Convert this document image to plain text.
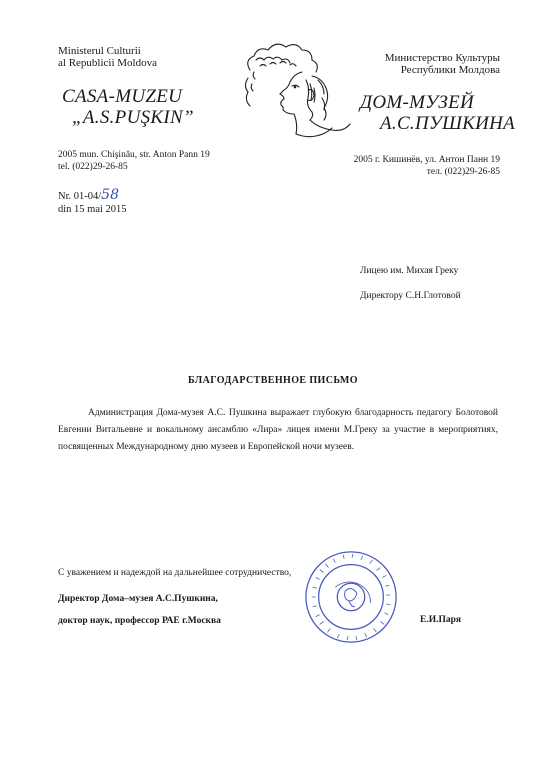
Ministerul Culturii
al Republicii Moldova
CASA-MUZEU
„A.S.PUŞKIN”
2005 mun. Chişinău, str. Anton Pann 19
tel. (022)29-26-85
Министерство Культуры
Республики Молдова
ДОМ-МУЗЕЙ
А.С.ПУШКИНА
2005 г. Кишинёв, ул. Антон Панн 19
тел. (022)29-26-85
Nr. 01-04/58
din 15 mai 2015
Лицею им. Михая Греку
Директору С.Н.Глотовой
БЛАГОДАРСТВЕННОЕ ПИСЬМО
Администрация Дома-музея А.С. Пушкина выражает глубокую благодарность педагогу Болотовой Евгении Витальевне и вокальному ансамблю «Лира» лицея имени М.Греку за участие в мероприятиях, посвященных Международному дню музеев и Европейской ночи музеев.
С уважением и надеждой на дальнейшее сотрудничество,
Директор Дома–музея А.С.Пушкина,
доктор наук, профессор РАЕ г.Москва	Е.И.Паря
